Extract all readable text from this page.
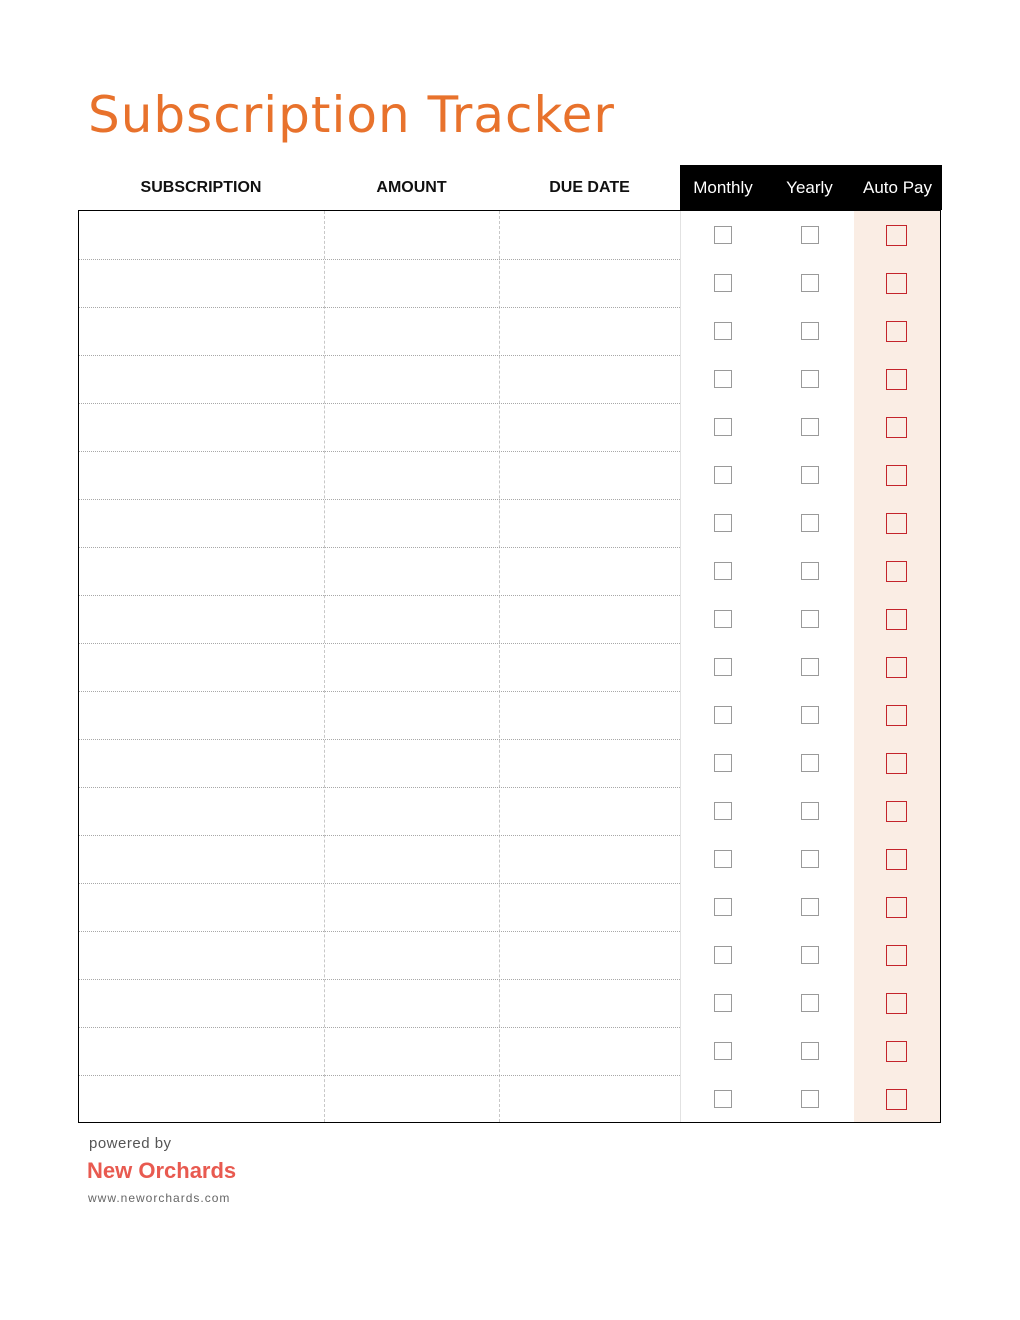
Subscription Tracker
SUBSCRIPTION	AMOUNT	DUE DATE	Monthly	Yearly	Auto Pay
powered by
New Orchards
www.neworchards.com
